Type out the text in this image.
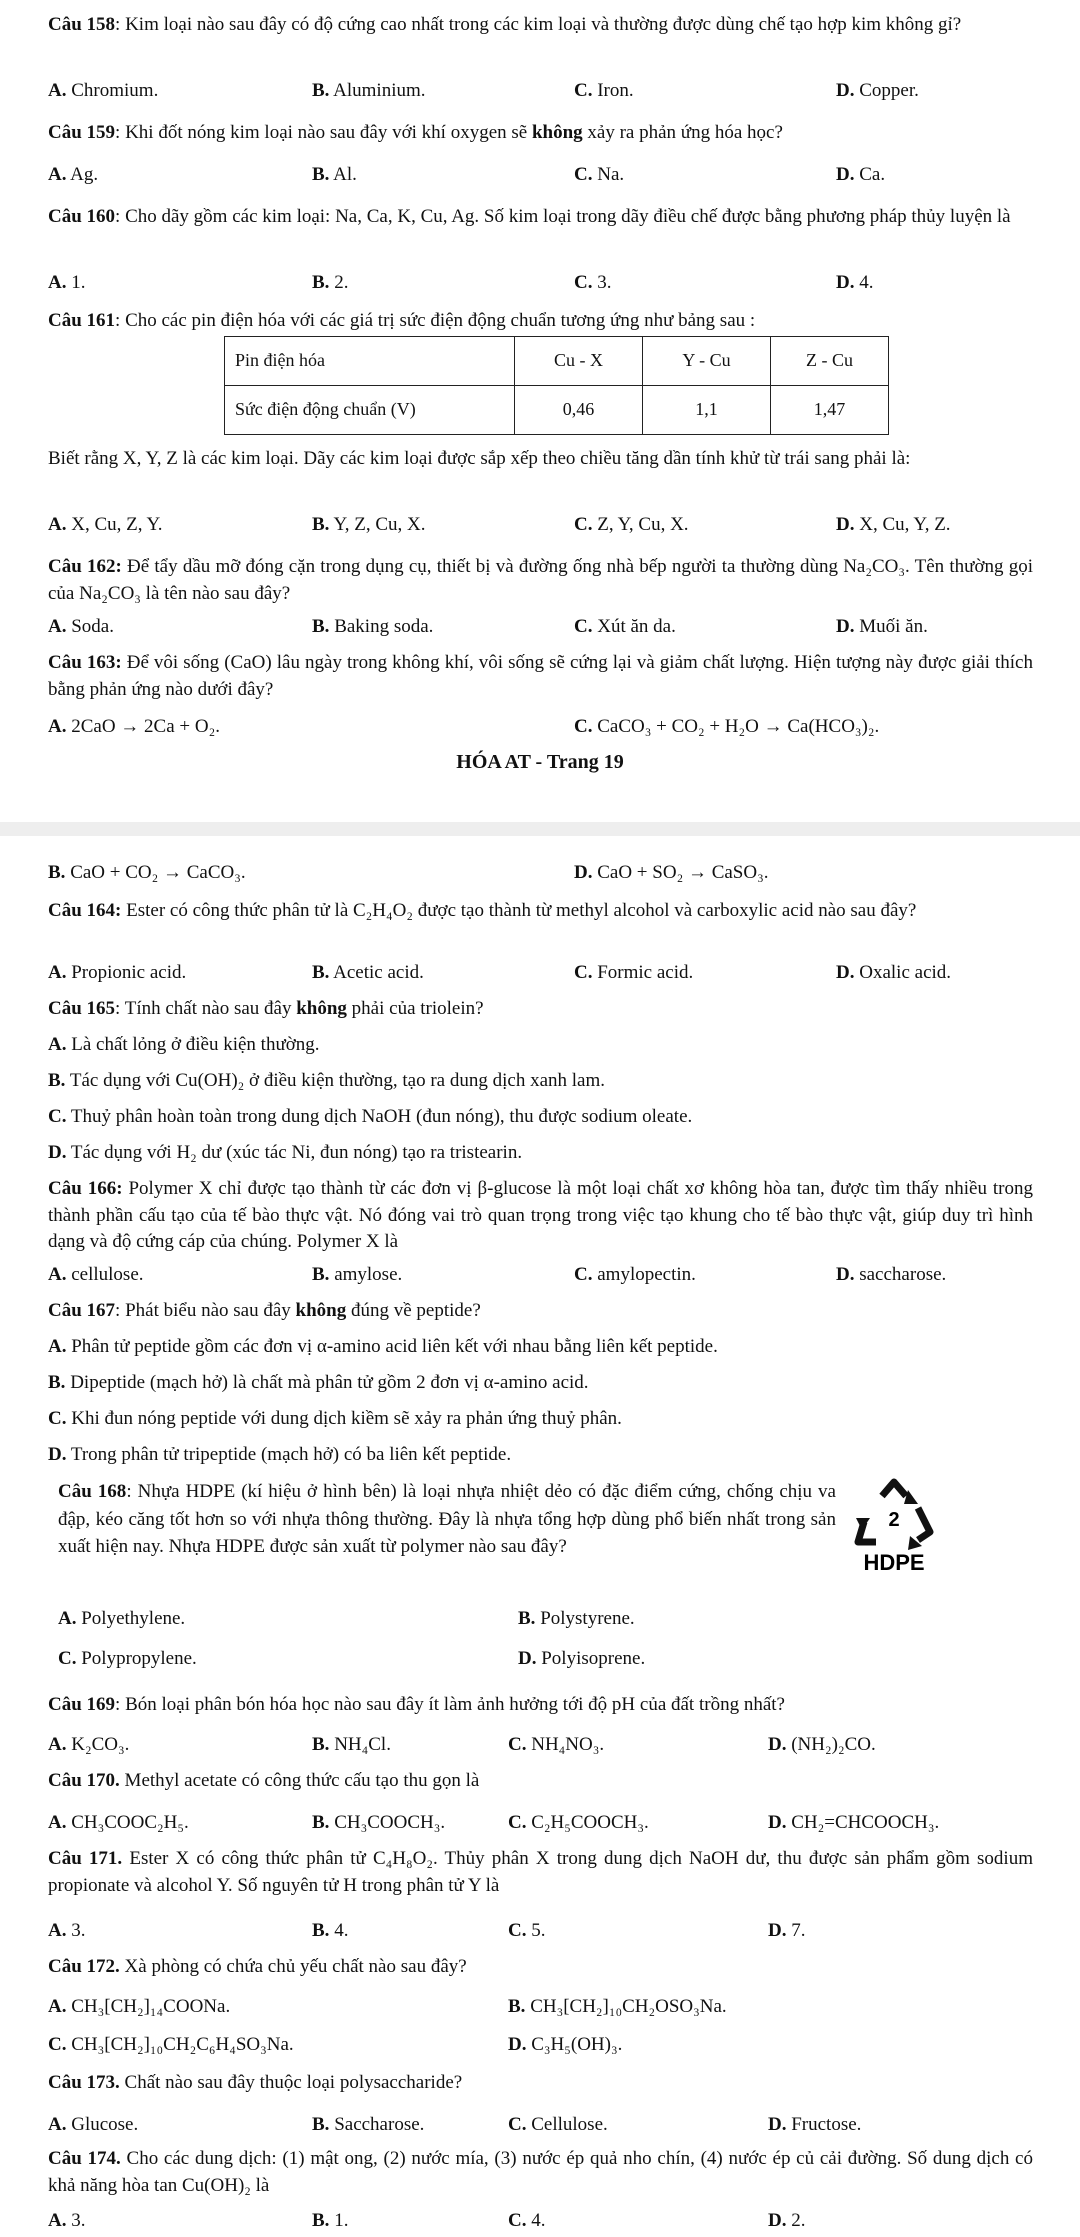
Câu 158: Kim loại nào sau đây có độ cứng cao nhất trong các kim loại và thường được dùng chế tạo hợp kim không gỉ?
A. Chromium.	B. Aluminium.	C. Iron.	D. Copper.
Câu 159: Khi đốt nóng kim loại nào sau đây với khí oxygen sẽ không xảy ra phản ứng hóa học?
A. Ag.	B. Al.	C. Na.	D. Ca.
Câu 160: Cho dãy gồm các kim loại: Na, Ca, K, Cu, Ag. Số kim loại trong dãy điều chế được bằng phương pháp thủy luyện là
A. 1.	B. 2.	C. 3.	D. 4.
Câu 161: Cho các pin điện hóa với các giá trị sức điện động chuẩn tương ứng như bảng sau :
Pin điện hóa	Cu - X	Y - Cu	Z - Cu
Sức điện động chuẩn (V)	0,46	1,1	1,47
Biết rằng X, Y, Z là các kim loại. Dãy các kim loại được sắp xếp theo chiều tăng dần tính khử từ trái sang phải là:
A. X, Cu, Z, Y.	B. Y, Z, Cu, X.	C. Z, Y, Cu, X.	D. X, Cu, Y, Z.
Câu 162: Để tẩy dầu mỡ đóng cặn trong dụng cụ, thiết bị và đường ống nhà bếp người ta thường dùng Na₂CO₃. Tên thường gọi của Na₂CO₃ là tên nào sau đây?
A. Soda.	B. Baking soda.	C. Xút ăn da.	D. Muối ăn.
Câu 163: Để vôi sống (CaO) lâu ngày trong không khí, vôi sống sẽ cứng lại và giảm chất lượng. Hiện tượng này được giải thích bằng phản ứng nào dưới đây?
A. 2CaO → 2Ca + O₂.	C. CaCO₃ + CO₂ + H₂O → Ca(HCO₃)₂.
HÓA AT - Trang 19
B. CaO + CO₂ → CaCO₃.	D. CaO + SO₂ → CaSO₃.
Câu 164: Ester có công thức phân tử là C₂H₄O₂ được tạo thành từ methyl alcohol và carboxylic acid nào sau đây?
A. Propionic acid.	B. Acetic acid.	C. Formic acid.	D. Oxalic acid.
Câu 165: Tính chất nào sau đây không phải của triolein?
A. Là chất lỏng ở điều kiện thường.
B. Tác dụng với Cu(OH)₂ ở điều kiện thường, tạo ra dung dịch xanh lam.
C. Thuỷ phân hoàn toàn trong dung dịch NaOH (đun nóng), thu được sodium oleate.
D. Tác dụng với H₂ dư (xúc tác Ni, đun nóng) tạo ra tristearin.
Câu 166: Polymer X chỉ được tạo thành từ các đơn vị β-glucose là một loại chất xơ không hòa tan, được tìm thấy nhiều trong thành phần cấu tạo của tế bào thực vật. Nó đóng vai trò quan trọng trong việc tạo khung cho tế bào thực vật, giúp duy trì hình dạng và độ cứng cáp của chúng. Polymer X là
A. cellulose.	B. amylose.	C. amylopectin.	D. saccharose.
Câu 167: Phát biểu nào sau đây không đúng về peptide?
A. Phân tử peptide gồm các đơn vị α-amino acid liên kết với nhau bằng liên kết peptide.
B. Dipeptide (mạch hở) là chất mà phân tử gồm 2 đơn vị α-amino acid.
C. Khi đun nóng peptide với dung dịch kiềm sẽ xảy ra phản ứng thuỷ phân.
D. Trong phân tử tripeptide (mạch hở) có ba liên kết peptide.
Câu 168: Nhựa HDPE (kí hiệu ở hình bên) là loại nhựa nhiệt dẻo có đặc điểm cứng, chống chịu va đập, kéo căng tốt hơn so với nhựa thông thường. Đây là nhựa tổng hợp dùng phổ biến nhất trong sản xuất hiện nay. Nhựa HDPE được sản xuất từ polymer nào sau đây?
2
HDPE
A. Polyethylene.	B. Polystyrene.
C. Polypropylene.	D. Polyisoprene.
Câu 169: Bón loại phân bón hóa học nào sau đây ít làm ảnh hưởng tới độ pH của đất trồng nhất?
A. K₂CO₃.	B. NH₄Cl.	C. NH₄NO₃.	D. (NH₂)₂CO.
Câu 170. Methyl acetate có công thức cấu tạo thu gọn là
A. CH₃COOC₂H₅.	B. CH₃COOCH₃.	C. C₂H₅COOCH₃.	D. CH₂=CHCOOCH₃.
Câu 171. Ester X có công thức phân tử C₄H₈O₂. Thủy phân X trong dung dịch NaOH dư, thu được sản phẩm gồm sodium propionate và alcohol Y. Số nguyên tử H trong phân tử Y là
A. 3.	B. 4.	C. 5.	D. 7.
Câu 172. Xà phòng có chứa chủ yếu chất nào sau đây?
A. CH₃[CH₂]₁₄COONa.	B. CH₃[CH₂]₁₀CH₂OSO₃Na.
C. CH₃[CH₂]₁₀CH₂C₆H₄SO₃Na.	D. C₃H₅(OH)₃.
Câu 173. Chất nào sau đây thuộc loại polysaccharide?
A. Glucose.	B. Saccharose.	C. Cellulose.	D. Fructose.
Câu 174. Cho các dung dịch: (1) mật ong, (2) nước mía, (3) nước ép quả nho chín, (4) nước ép củ cải đường. Số dung dịch có khả năng hòa tan Cu(OH)₂ là
A. 3.	B. 1.	C. 4.	D. 2.
